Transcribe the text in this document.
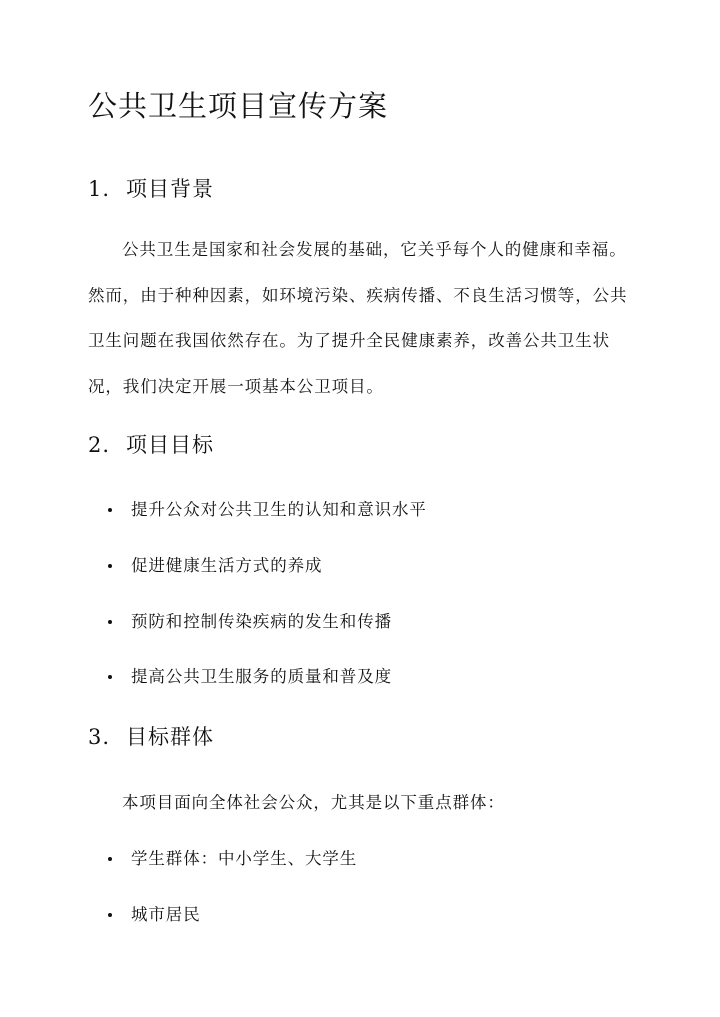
公共卫生项目宣传方案
1. 项目背景

公共卫生是国家和社会发展的基础，它关乎每个人的健康和幸福。然而，由于种种因素，如环境污染、疾病传播、不良生活习惯等，公共卫生问题在我国依然存在。为了提升全民健康素养，改善公共卫生状况，我们决定开展一项基本公卫项目。

2. 项目目标
提升公众对公共卫生的认知和意识水平
促进健康生活方式的养成
预防和控制传染疾病的发生和传播
提高公共卫生服务的质量和普及度
3. 目标群体

本项目面向全体社会公众，尤其是以下重点群体：

学生群体：中小学生、大学生
城市居民
